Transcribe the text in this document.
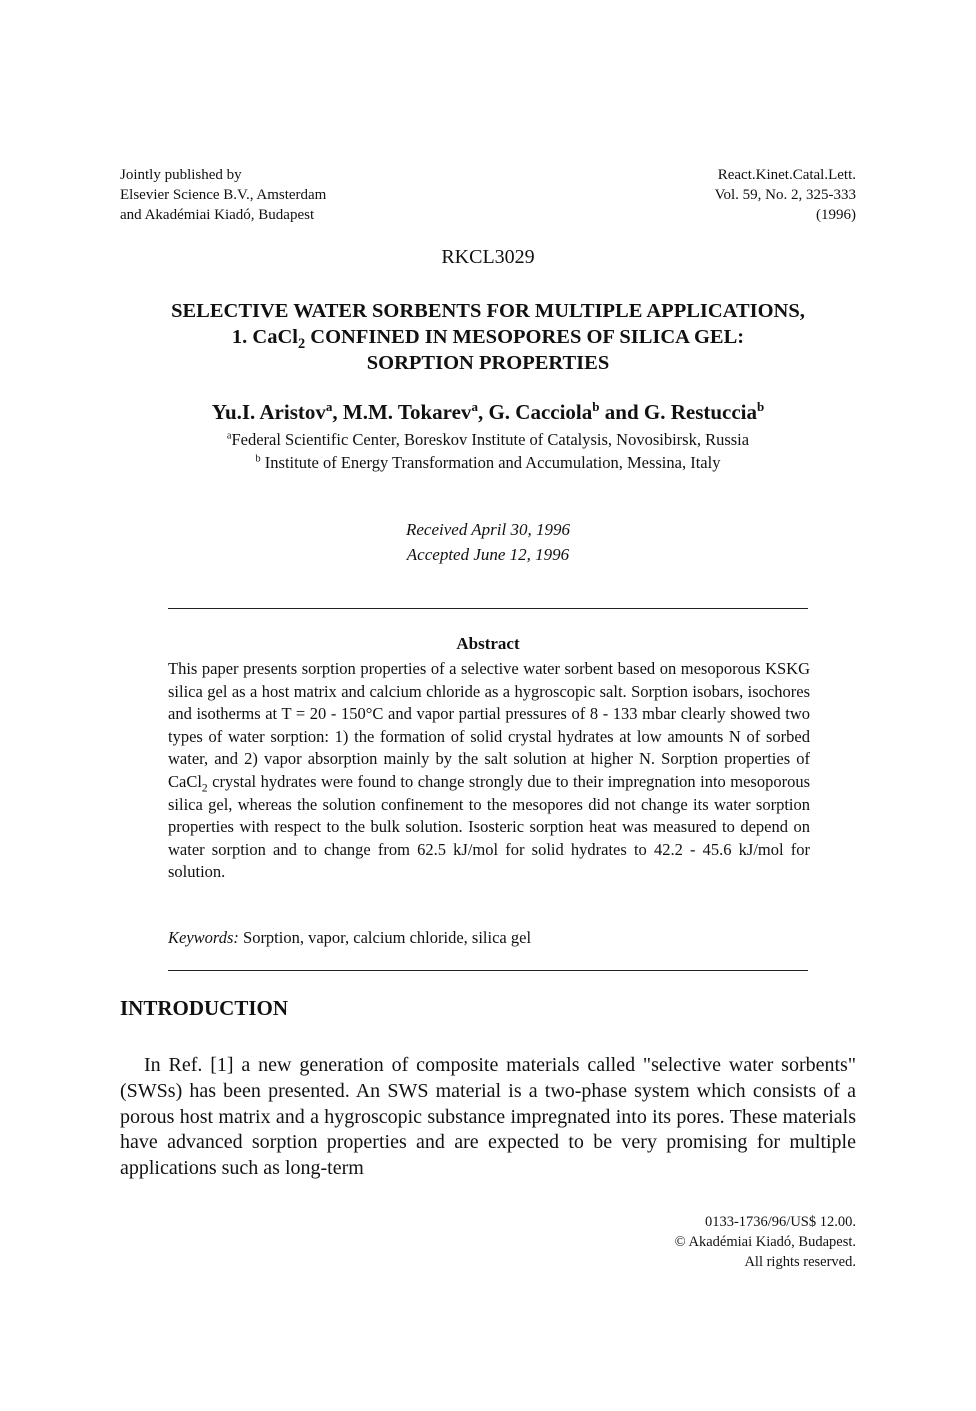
Jointly published by
Elsevier Science B.V., Amsterdam
and Akadémiai Kiadó, Budapest
React.Kinet.Catal.Lett.
Vol. 59, No. 2, 325-333
(1996)
RKCL3029
SELECTIVE WATER SORBENTS FOR MULTIPLE APPLICATIONS,
1. CaCl$_2$ CONFINED IN MESOPORES OF SILICA GEL:
SORPTION PROPERTIES
Yu.I. Aristov$^a$, M.M. Tokarev$^a$, G. Cacciola$^b$ and G. Restuccia$^b$
$^a$Federal Scientific Center, Boreskov Institute of Catalysis, Novosibirsk, Russia
$^b$ Institute of Energy Transformation and Accumulation, Messina, Italy
Received April 30, 1996
Accepted June 12, 1996
Abstract
This paper presents sorption properties of a selective water sorbent based on mesoporous KSKG silica gel as a host matrix and calcium chloride as a hygroscopic salt. Sorption isobars, isochores and isotherms at T = 20 - 150°C and vapor partial pressures of 8 - 133 mbar clearly showed two types of water sorption: 1) the formation of solid crystal hydrates at low amounts N of sorbed water, and 2) vapor absorption mainly by the salt solution at higher N. Sorption properties of CaCl$_2$ crystal hydrates were found to change strongly due to their impregnation into mesoporous silica gel, whereas the solution confinement to the mesopores did not change its water sorption properties with respect to the bulk solution. Isosteric sorption heat was measured to depend on water sorption and to change from 62.5 kJ/mol for solid hydrates to 42.2 - 45.6 kJ/mol for solution.
Keywords: Sorption, vapor, calcium chloride, silica gel
INTRODUCTION
In Ref. [1] a new generation of composite materials called "selective water sorbents" (SWSs) has been presented. An SWS material is a two-phase system which consists of a porous host matrix and a hygroscopic substance impregnated into its pores. These materials have advanced sorption properties and are expected to be very promising for multiple applications such as long-term
0133-1736/96/US$ 12.00.
© Akadémiai Kiadó, Budapest.
All rights reserved.
